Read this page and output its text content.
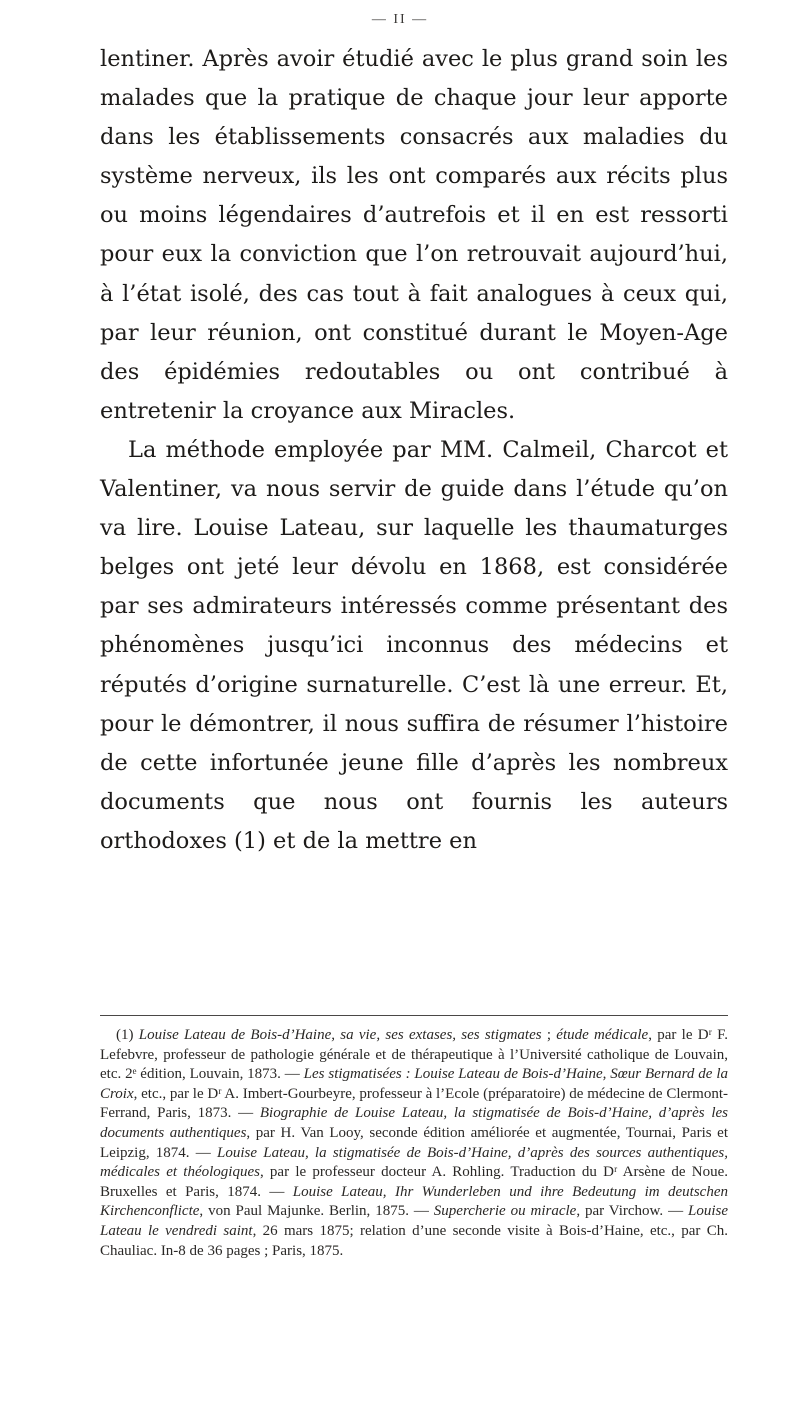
— II —

lentiner. Après avoir étudié avec le plus grand soin les malades que la pratique de chaque jour leur apporte dans les établissements consacrés aux maladies du système nerveux, ils les ont comparés aux récits plus ou moins légendaires d’autrefois et il en est ressorti pour eux la conviction que l’on retrouvait aujourd’hui, à l’état isolé, des cas tout à fait analogues à ceux qui, par leur réunion, ont constitué durant le Moyen-Age des épidémies redoutables ou ont contribué à entretenir la croyance aux Miracles.

La méthode employée par MM. Calmeil, Charcot et Valentiner, va nous servir de guide dans l’étude qu’on va lire. Louise Lateau, sur laquelle les thaumaturges belges ont jeté leur dévolu en 1868, est considérée par ses admirateurs intéressés comme présentant des phénomènes jusqu’ici inconnus des médecins et réputés d’origine surnaturelle. C’est là une erreur. Et, pour le démontrer, il nous suffira de résumer l’histoire de cette infortunée jeune fille d’après les nombreux documents que nous ont fournis les auteurs orthodoxes (1) et de la mettre en

(1) Louise Lateau de Bois-d’Haine, sa vie, ses extases, ses stigmates ; étude médicale, par le Dʳ F. Lefebvre, professeur de pathologie générale et de thérapeutique à l’Université catholique de Louvain, etc. 2ᵉ édition, Louvain, 1873. — Les stigmatisées : Louise Lateau de Bois-d’Haine, Sœur Bernard de la Croix, etc., par le Dʳ A. Imbert-Gourbeyre, professeur à l’Ecole (préparatoire) de médecine de Clermont-Ferrand, Paris, 1873. — Biographie de Louise Lateau, la stigmatisée de Bois-d’Haine, d’après les documents authentiques, par H. Van Looy, seconde édition améliorée et augmentée, Tournai, Paris et Leipzig, 1874. — Louise Lateau, la stigmatisée de Bois-d’Haine, d’après des sources authentiques, médicales et théologiques, par le professeur docteur A. Rohling. Traduction du Dʳ Arsène de Noue. Bruxelles et Paris, 1874. — Louise Lateau, Ihr Wunderleben und ihre Bedeutung im deutschen Kirchenconflicte, von Paul Majunke. Berlin, 1875. — Supercherie ou miracle, par Virchow. — Louise Lateau le vendredi saint, 26 mars 1875; relation d’une seconde visite à Bois-d’Haine, etc., par Ch. Chauliac. In-8 de 36 pages ; Paris, 1875.
